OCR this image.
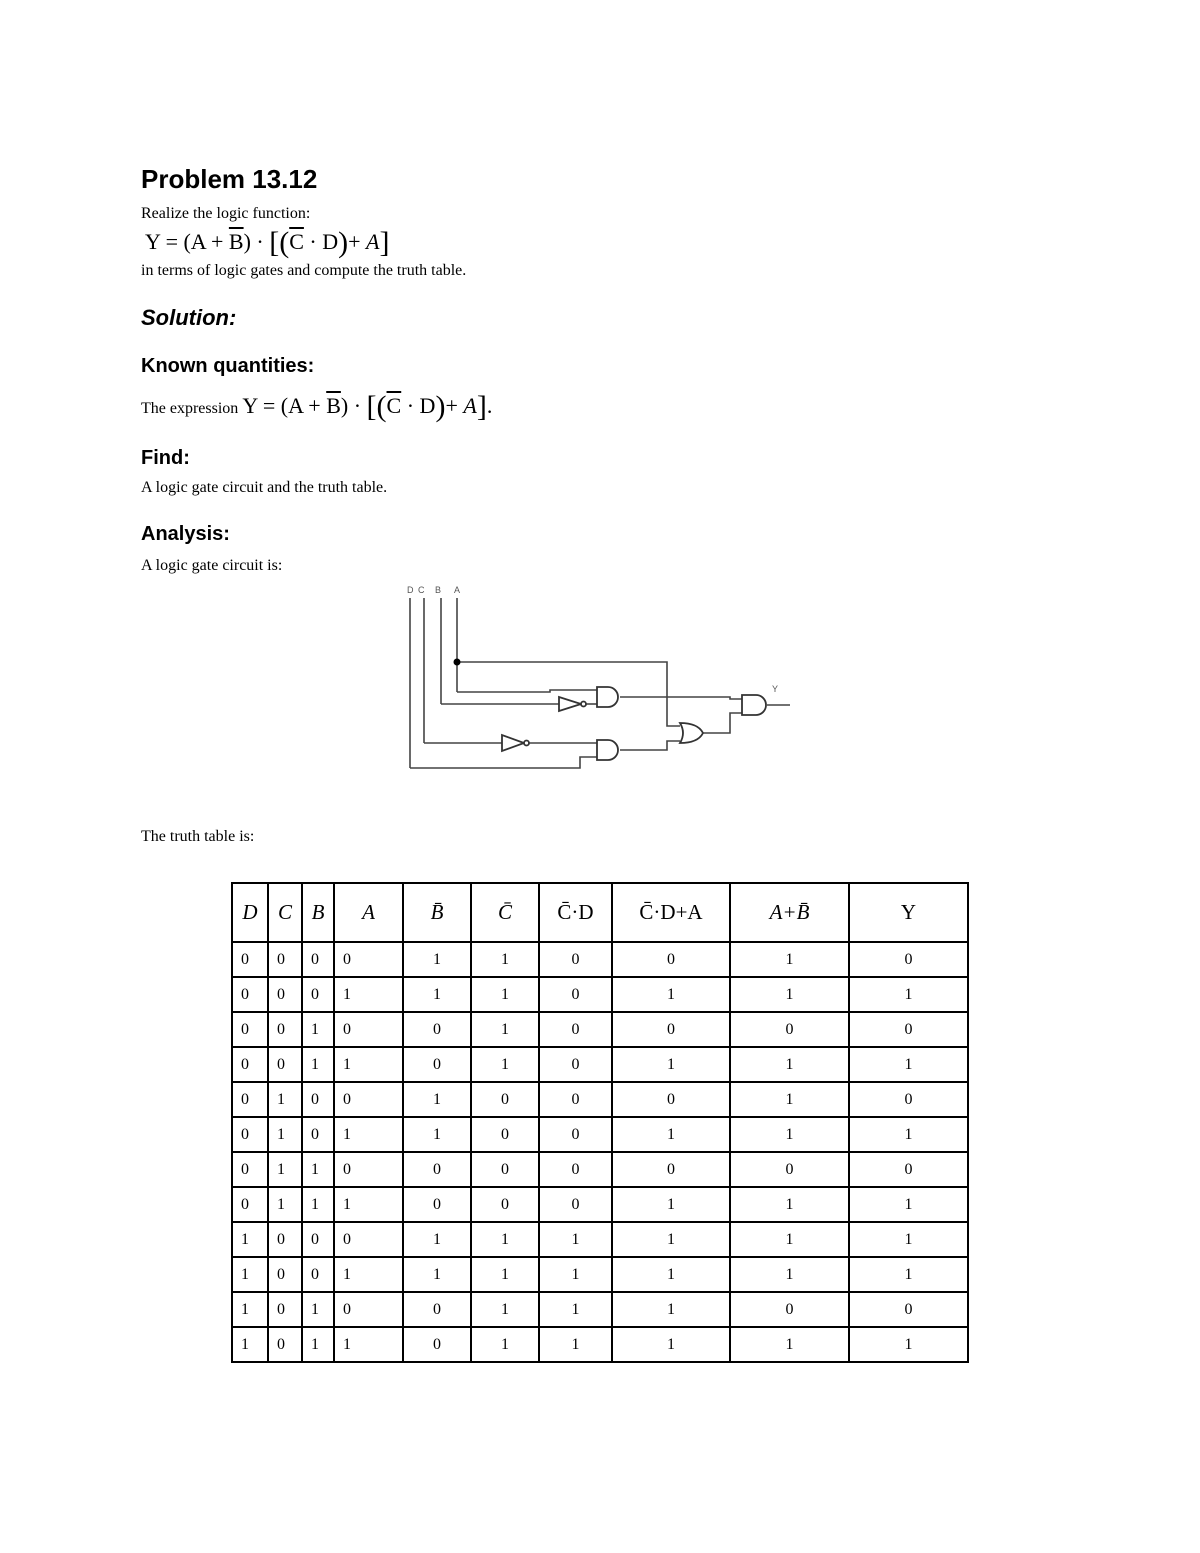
Problem 13.12
Realize the logic function:
$Y = (A + \overline{B}) \cdot [(\overline{C} \cdot D)+ A]$
in terms of logic gates and compute the truth table.
Solution:
Known quantities:
The expression $Y = (A + \overline{B}) \cdot [(\overline{C} \cdot D)+ A]$.
Find:
A logic gate circuit and the truth table.
Analysis:
A logic gate circuit is:
D C B A
Y
The truth table is:
D	C	B	A	B̄	C̄	C̄·D	C̄·D+A	A+B̄	Y
0	0	0	0	1	1	0	0	1	0
0	0	0	1	1	1	0	1	1	1
0	0	1	0	0	1	0	0	0	0
0	0	1	1	0	1	0	1	1	1
0	1	0	0	1	0	0	0	1	0
0	1	0	1	1	0	0	1	1	1
0	1	1	0	0	0	0	0	0	0
0	1	1	1	0	0	0	1	1	1
1	0	0	0	1	1	1	1	1	1
1	0	0	1	1	1	1	1	1	1
1	0	1	0	0	1	1	1	0	0
1	0	1	1	0	1	1	1	1	1
